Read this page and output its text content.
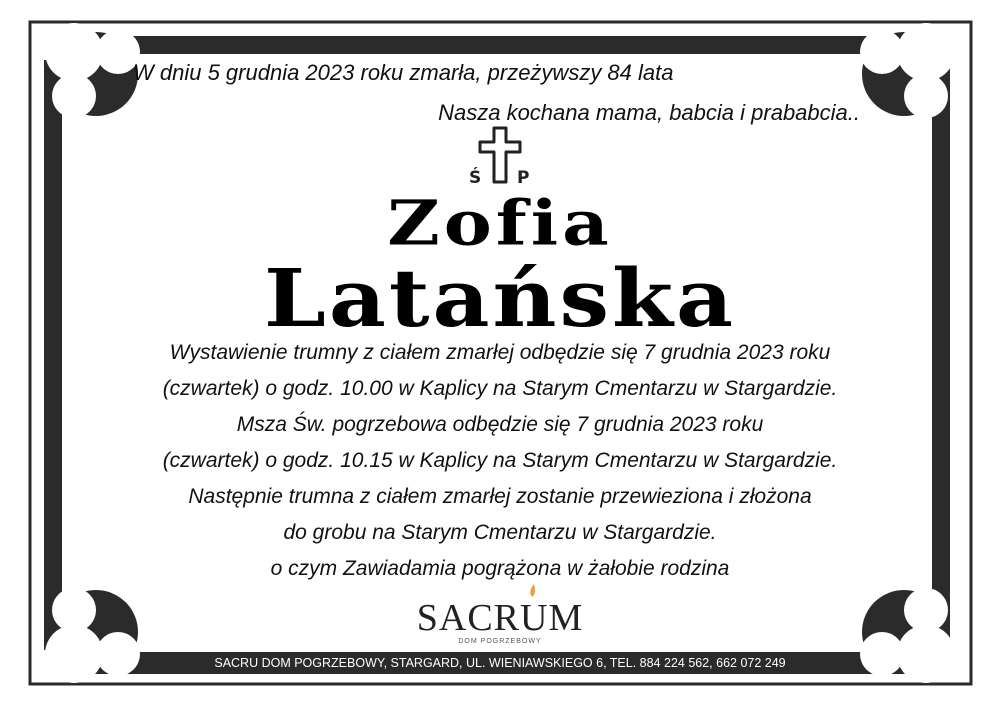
W dniu 5 grudnia 2023 roku zmarła, przeżywszy 84 lata
Nasza kochana mama, babcia i prababcia..
Ś P
Zofia
Latańska
Wystawienie trumny z ciałem zmarłej odbędzie się 7 grudnia 2023 roku
(czwartek) o godz. 10.00 w Kaplicy na Starym Cmentarzu w Stargardzie.
Msza Św. pogrzebowa odbędzie się 7 grudnia 2023 roku
(czwartek) o godz. 10.15 w Kaplicy na Starym Cmentarzu w Stargardzie.
Następnie trumna z ciałem zmarłej zostanie przewieziona i złożona
do grobu na Starym Cmentarzu w Stargardzie.
o czym Zawiadamia pogrążona w żałobie rodzina
SACRUM
DOM POGRZEBOWY
SACRU DOM POGRZEBOWY, STARGARD, UL. WIENIAWSKIEGO 6, TEL. 884 224 562, 662 072 249
